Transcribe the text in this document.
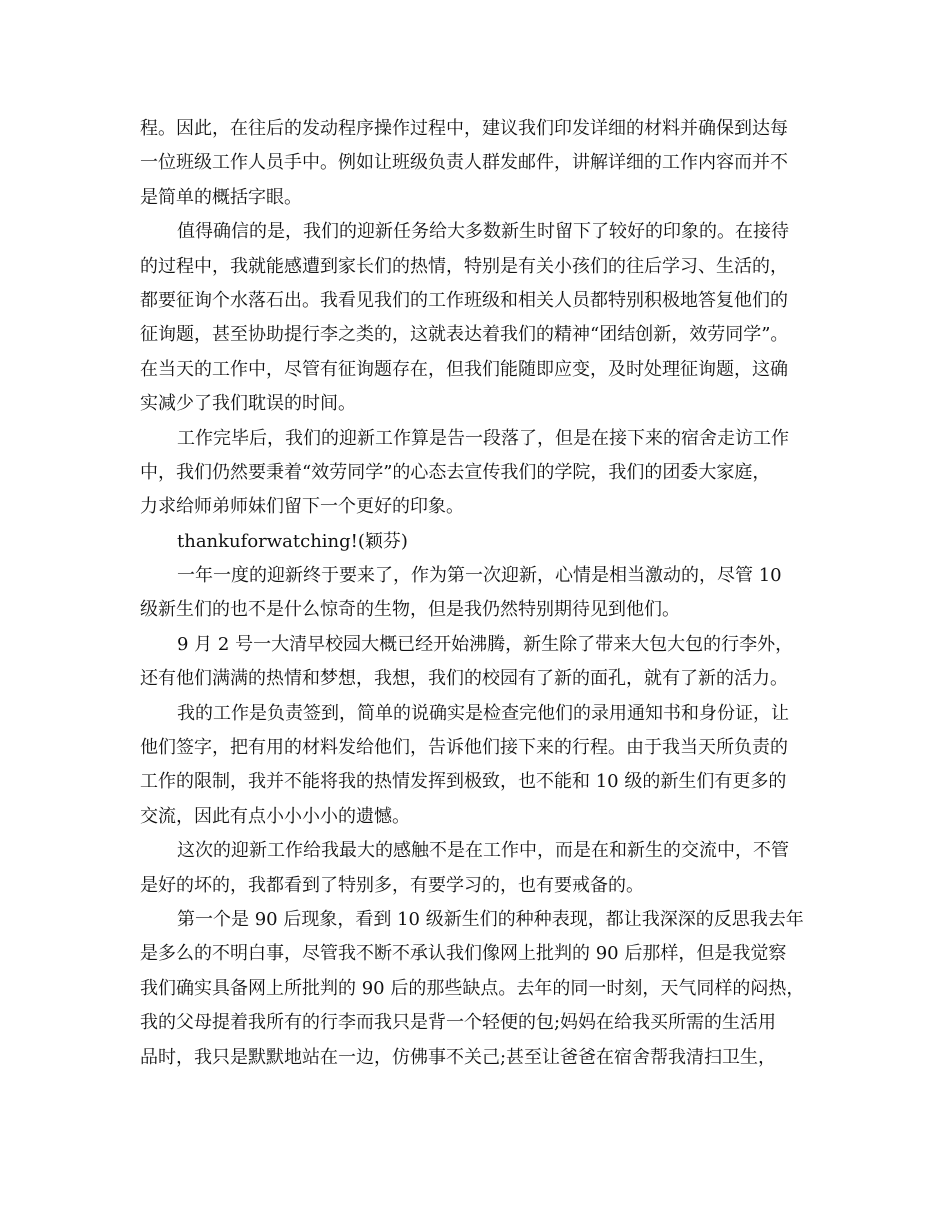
程。因此，在往后的发动程序操作过程中，建议我们印发详细的材料并确保到达每
一位班级工作人员手中。例如让班级负责人群发邮件，讲解详细的工作内容而并不
是简单的概括字眼。
值得确信的是，我们的迎新任务给大多数新生时留下了较好的印象的。在接待
的过程中，我就能感遭到家长们的热情，特别是有关小孩们的往后学习、生活的，
都要征询个水落石出。我看见我们的工作班级和相关人员都特别积极地答复他们的
征询题，甚至协助提行李之类的，这就表达着我们的精神“团结创新，效劳同学”。
在当天的工作中，尽管有征询题存在，但我们能随即应变，及时处理征询题，这确
实减少了我们耽误的时间。
工作完毕后，我们的迎新工作算是告一段落了，但是在接下来的宿舍走访工作
中，我们仍然要秉着“效劳同学”的心态去宣传我们的学院，我们的团委大家庭，
力求给师弟师妹们留下一个更好的印象。
thankuforwatching!(颖芬)
一年一度的迎新终于要来了，作为第一次迎新，心情是相当激动的，尽管 10
级新生们的也不是什么惊奇的生物，但是我仍然特别期待见到他们。
9 月 2 号一大清早校园大概已经开始沸腾，新生除了带来大包大包的行李外，
还有他们满满的热情和梦想，我想，我们的校园有了新的面孔，就有了新的活力。
我的工作是负责签到，简单的说确实是检查完他们的录用通知书和身份证，让
他们签字，把有用的材料发给他们，告诉他们接下来的行程。由于我当天所负责的
工作的限制，我并不能将我的热情发挥到极致，也不能和 10 级的新生们有更多的
交流，因此有点小小小小的遗憾。
这次的迎新工作给我最大的感触不是在工作中，而是在和新生的交流中，不管
是好的坏的，我都看到了特别多，有要学习的，也有要戒备的。
第一个是 90 后现象，看到 10 级新生们的种种表现，都让我深深的反思我去年
是多么的不明白事，尽管我不断不承认我们像网上批判的 90 后那样，但是我觉察
我们确实具备网上所批判的 90 后的那些缺点。去年的同一时刻，天气同样的闷热，
我的父母提着我所有的行李而我只是背一个轻便的包;妈妈在给我买所需的生活用
品时，我只是默默地站在一边，仿佛事不关己;甚至让爸爸在宿舍帮我清扫卫生，
